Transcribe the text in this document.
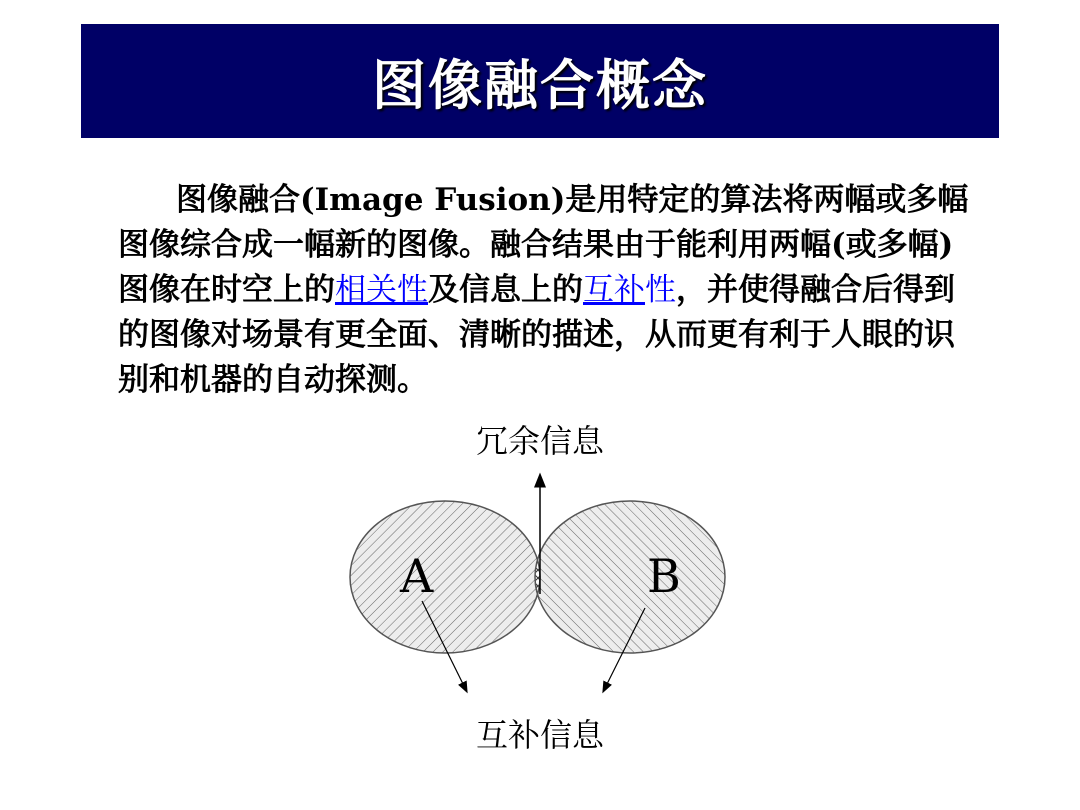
图像融合概念

图像融合(Image Fusion)是用特定的算法将两幅或多幅图像综合成一幅新的图像。融合结果由于能利用两幅(或多幅) 图像在时空上的相关性及信息上的互补性，并使得融合后得到的图像对场景有更全面、清晰的描述，从而更有利于人眼的识别和机器的自动探测。

A	B
冗余信息
互补信息
